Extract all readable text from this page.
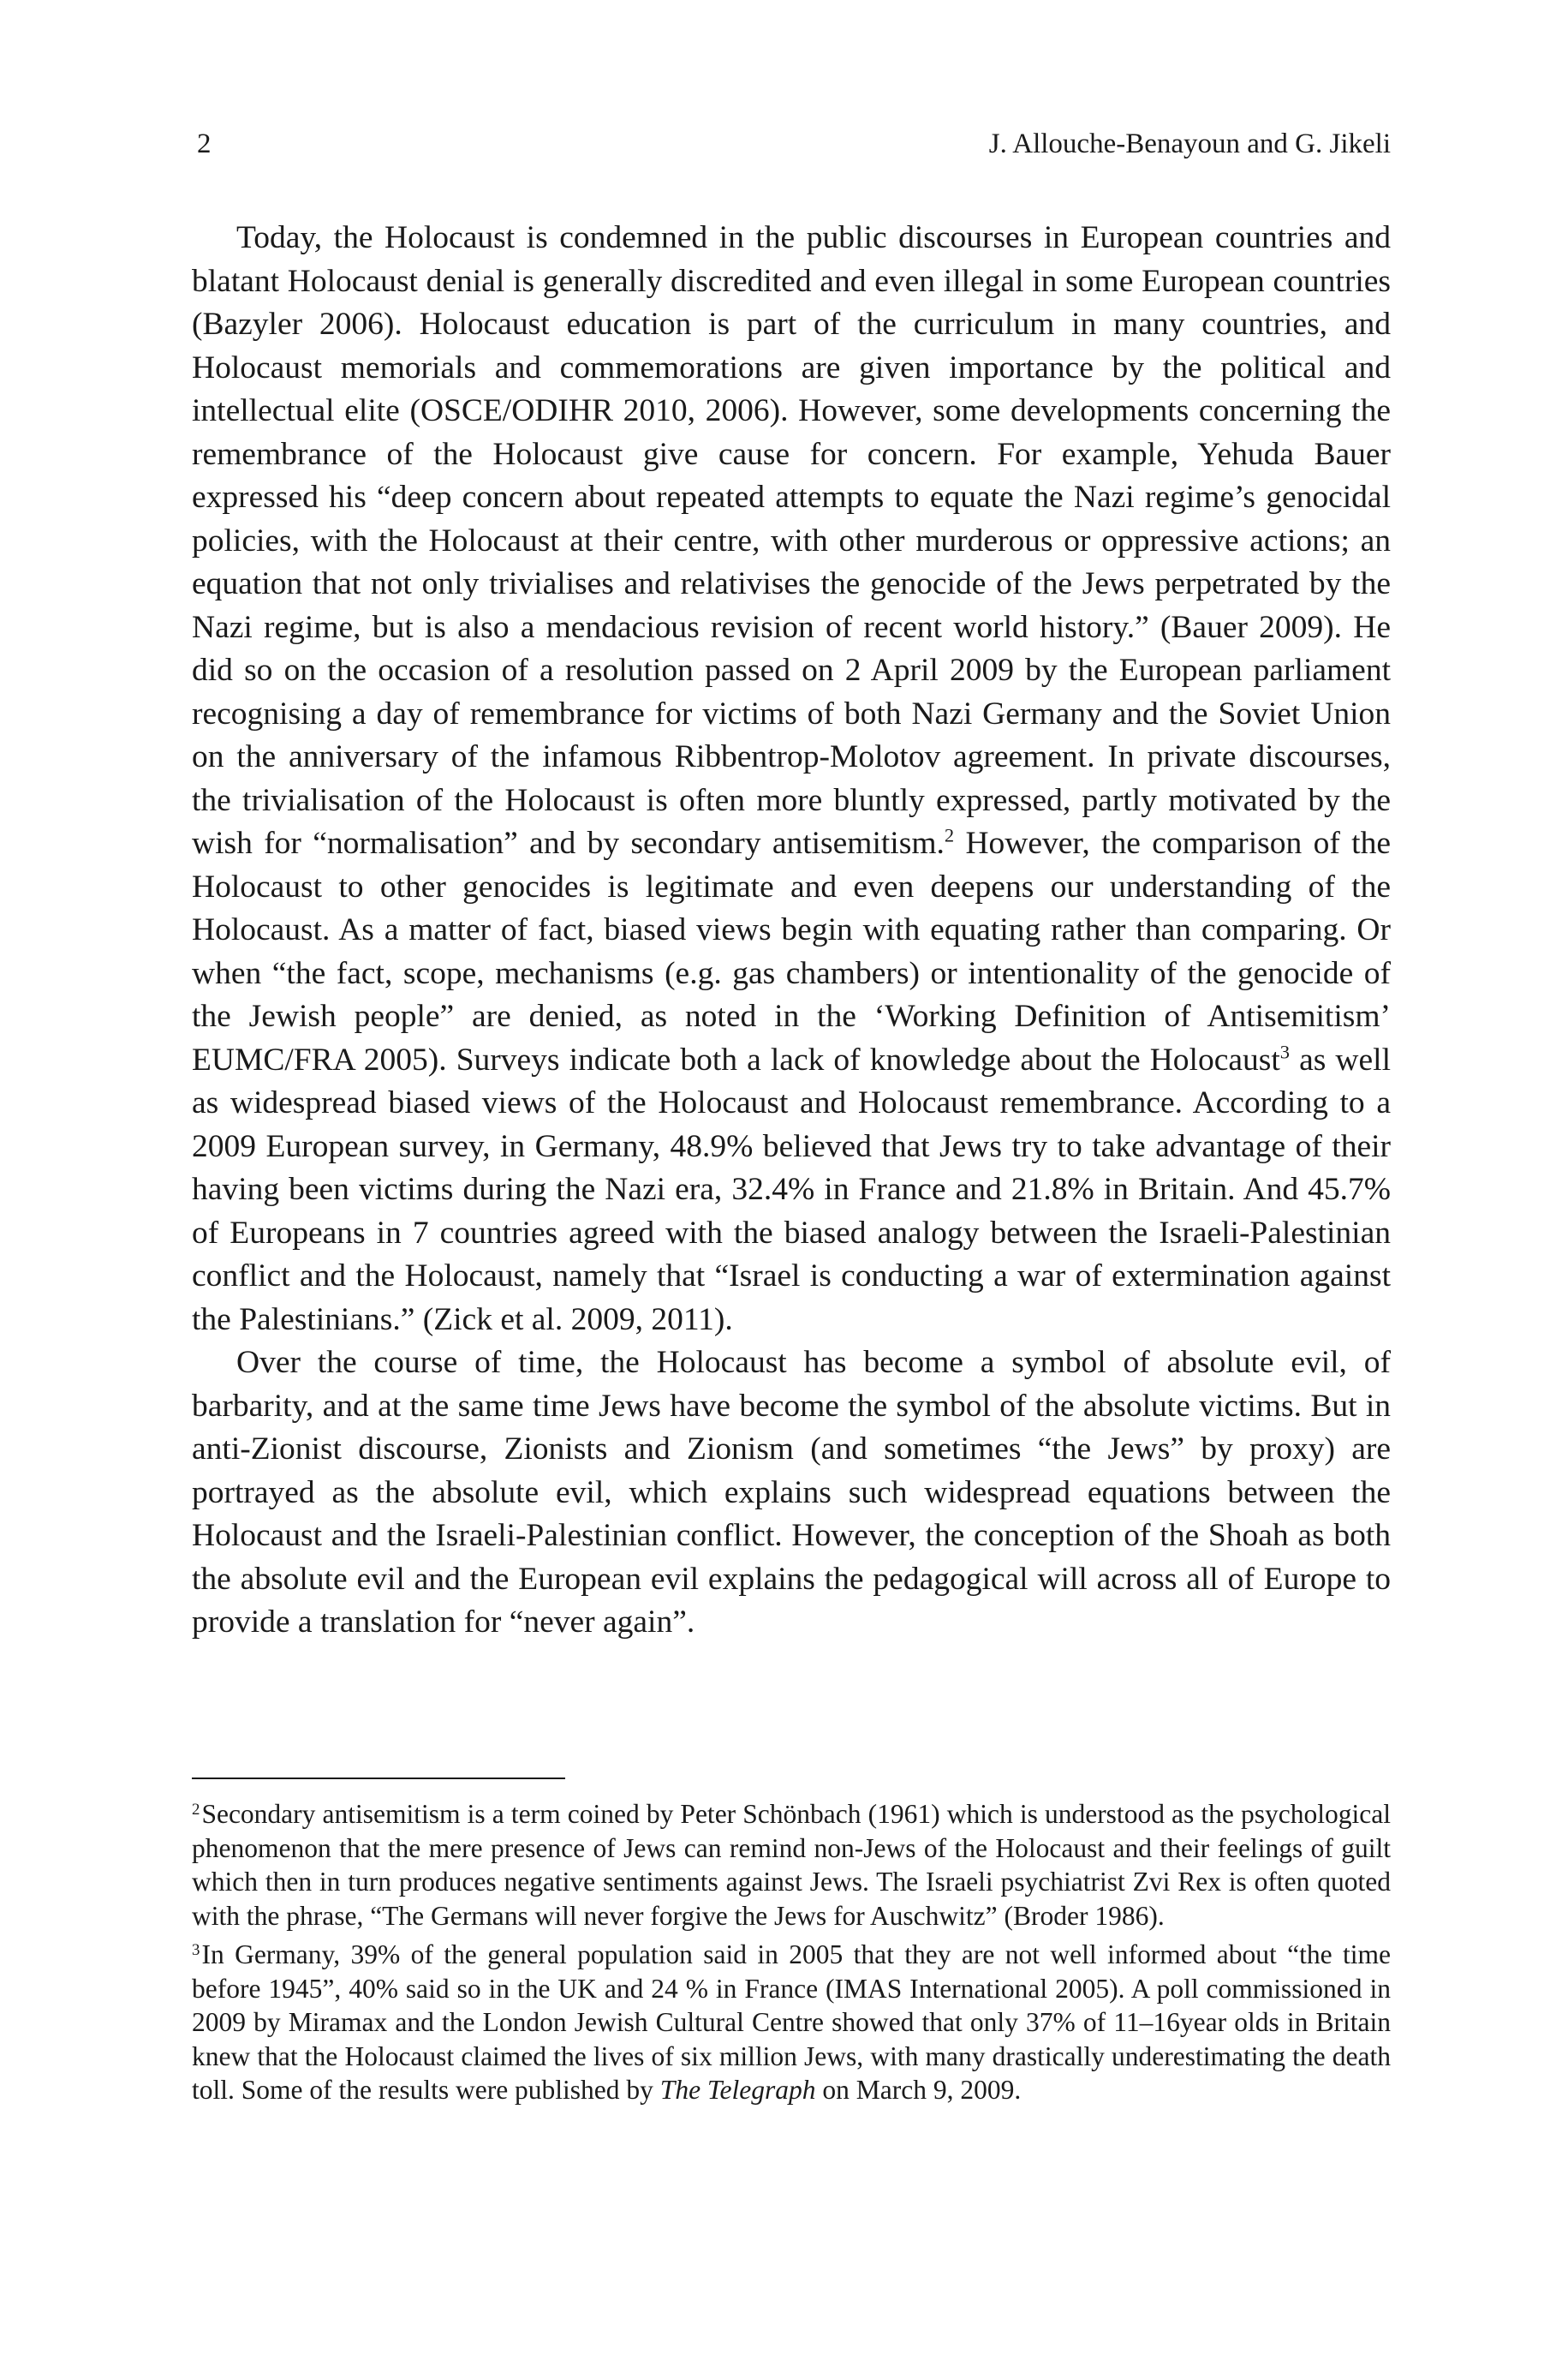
2	J. Allouche-Benayoun and G. Jikeli

Today, the Holocaust is condemned in the public discourses in European countries and blatant Holocaust denial is generally discredited and even illegal in some European countries (Bazyler 2006). Holocaust education is part of the curriculum in many countries, and Holocaust memorials and commemorations are given importance by the political and intellectual elite (OSCE/ODIHR 2010, 2006). However, some developments concerning the remembrance of the Holocaust give cause for concern. For example, Yehuda Bauer expressed his “deep concern about repeated attempts to equate the Nazi regime’s genocidal policies, with the Holocaust at their centre, with other murderous or oppressive actions; an equation that not only trivialises and relativises the genocide of the Jews perpetrated by the Nazi regime, but is also a mendacious revision of recent world history.” (Bauer 2009). He did so on the occasion of a resolution passed on 2 April 2009 by the European parliament recognising a day of remembrance for victims of both Nazi Germany and the Soviet Union on the anniversary of the infamous Ribbentrop-Molotov agreement. In private discourses, the trivialisation of the Holocaust is often more bluntly expressed, partly motivated by the wish for “normalisation” and by secondary antisemitism.$^2$ However, the comparison of the Holocaust to other genocides is legitimate and even deepens our understanding of the Holocaust. As a matter of fact, biased views begin with equating rather than comparing. Or when “the fact, scope, mechanisms (e.g. gas chambers) or intentionality of the genocide of the Jewish people” are denied, as noted in the ‘Working Definition of Antisemitism’ EUMC/FRA 2005). Surveys indicate both a lack of knowledge about the Holocaust$^3$ as well as widespread biased views of the Holocaust and Holocaust remembrance. According to a 2009 European survey, in Germany, 48.9% believed that Jews try to take advantage of their having been victims during the Nazi era, 32.4% in France and 21.8% in Britain. And 45.7% of Europeans in 7 countries agreed with the biased analogy between the Israeli-Palestinian conflict and the Holocaust, namely that “Israel is conducting a war of extermination against the Palestinians.” (Zick et al. 2009, 2011).

Over the course of time, the Holocaust has become a symbol of absolute evil, of barbarity, and at the same time Jews have become the symbol of the absolute victims. But in anti-Zionist discourse, Zionists and Zionism (and sometimes “the Jews” by proxy) are portrayed as the absolute evil, which explains such widespread equations between the Holocaust and the Israeli-Palestinian conflict. However, the conception of the Shoah as both the absolute evil and the European evil explains the pedagogical will across all of Europe to provide a translation for “never again”.

$^2$Secondary antisemitism is a term coined by Peter Schönbach (1961) which is understood as the psychological phenomenon that the mere presence of Jews can remind non-Jews of the Holocaust and their feelings of guilt which then in turn produces negative sentiments against Jews. The Israeli psychiatrist Zvi Rex is often quoted with the phrase, “The Germans will never forgive the Jews for Auschwitz” (Broder 1986).

$^3$In Germany, 39% of the general population said in 2005 that they are not well informed about “the time before 1945”, 40% said so in the UK and 24 % in France (IMAS International 2005). A poll commissioned in 2009 by Miramax and the London Jewish Cultural Centre showed that only 37% of 11–16year olds in Britain knew that the Holocaust claimed the lives of six million Jews, with many drastically underestimating the death toll. Some of the results were published by The Telegraph on March 9, 2009.
